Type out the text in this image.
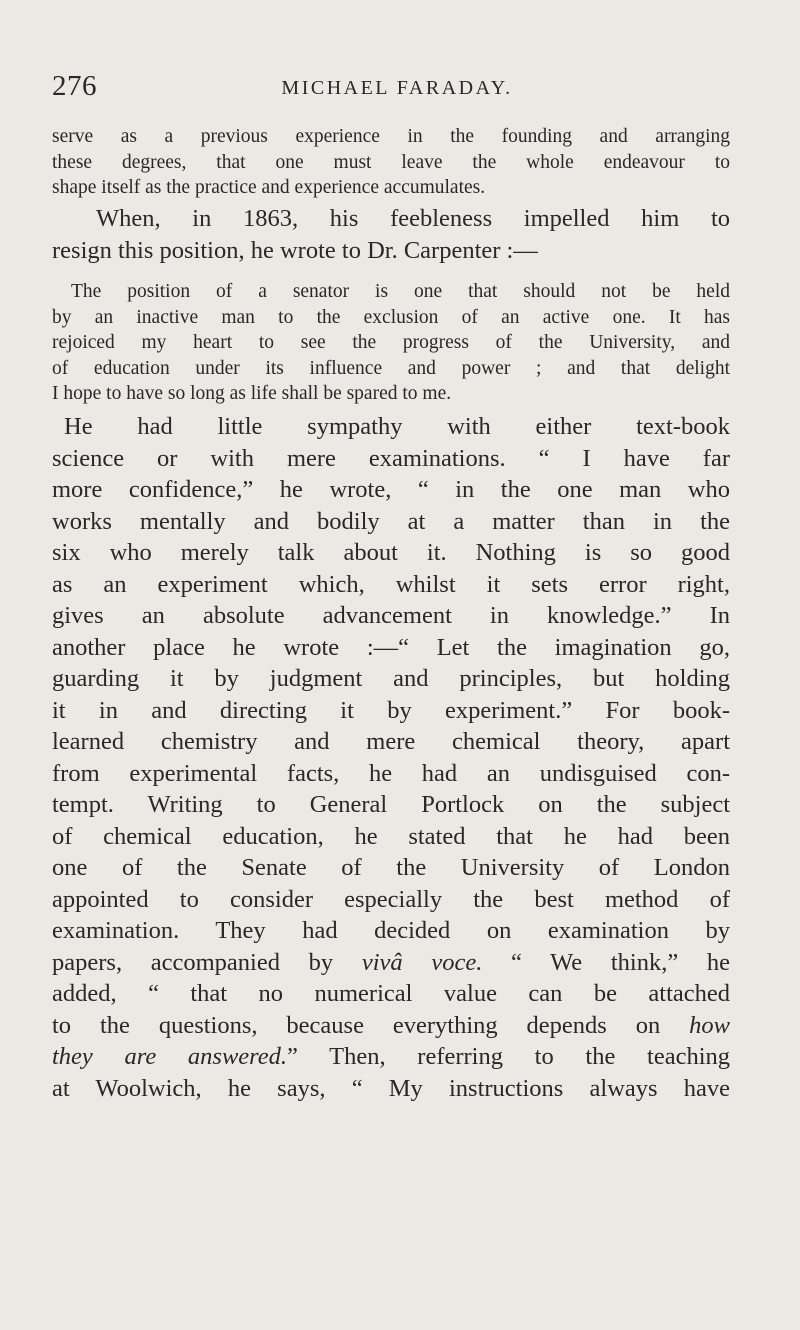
276	MICHAEL FARADAY.
serve as a previous experience in the founding and arranging
these degrees, that one must leave the whole endeavour to
shape itself as the practice and experience accumulates.
When, in 1863, his feebleness impelled him to
resign this position, he wrote to Dr. Carpenter :—
The position of a senator is one that should not be held
by an inactive man to the exclusion of an active one. It has
rejoiced my heart to see the progress of the University, and
of education under its influence and power ; and that delight
I hope to have so long as life shall be spared to me.
He had little sympathy with either text-book
science or with mere examinations. “ I have far
more confidence,” he wrote, “ in the one man who
works mentally and bodily at a matter than in the
six who merely talk about it. Nothing is so good
as an experiment which, whilst it sets error right,
gives an absolute advancement in knowledge.” In
another place he wrote :—“ Let the imagination go,
guarding it by judgment and principles, but holding
it in and directing it by experiment.” For book-
learned chemistry and mere chemical theory, apart
from experimental facts, he had an undisguised con-
tempt. Writing to General Portlock on the subject
of chemical education, he stated that he had been
one of the Senate of the University of London
appointed to consider especially the best method of
examination. They had decided on examination by
papers, accompanied by vivâ voce. “ We think,” he
added, “ that no numerical value can be attached
to the questions, because everything depends on how
they are answered.” Then, referring to the teaching
at Woolwich, he says, “ My instructions always have
